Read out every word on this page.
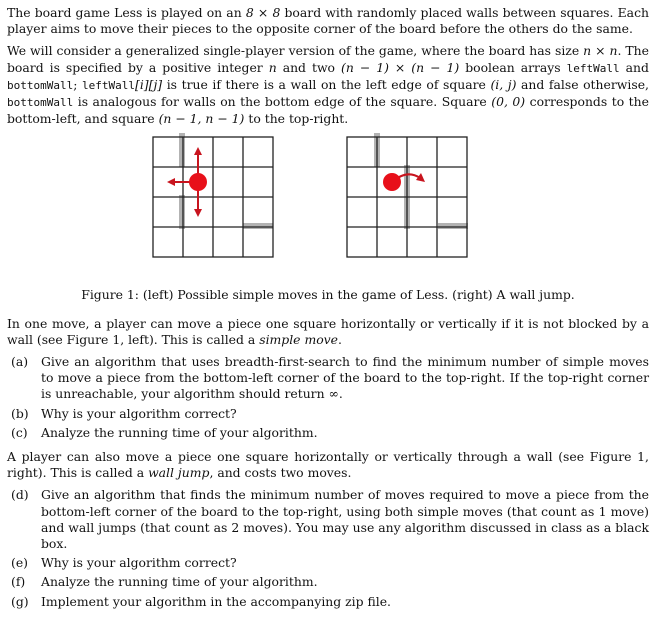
The board game Less is played on an 8 × 8 board with randomly placed walls between squares. Each player aims to move their pieces to the opposite corner of the board before the others do the same.

We will consider a generalized single-player version of the game, where the board has size n × n. The board is specified by a positive integer n and two (n − 1) × (n − 1) boolean arrays leftWall and bottomWall; leftWall[i][j] is true if there is a wall on the left edge of square (i, j) and false otherwise, bottomWall is analogous for walls on the bottom edge of the square. Square (0, 0) corresponds to the bottom-left, and square (n − 1, n − 1) to the top-right.

Figure 1: (left) Possible simple moves in the game of Less. (right) A wall jump.

In one move, a player can move a piece one square horizontally or vertically if it is not blocked by a wall (see Figure 1, left). This is called a simple move.

(a)	Give an algorithm that uses breadth-first-search to find the minimum number of simple moves to move a piece from the bottom-left corner of the board to the top-right. If the top-right corner is unreachable, your algorithm should return ∞.
(b) Why is your algorithm correct?
(c)	Analyze the running time of your algorithm.

A player can also move a piece one square horizontally or vertically through a wall (see Figure 1, right). This is called a wall jump, and costs two moves.

(d) Give an algorithm that finds the minimum number of moves required to move a piece from the bottom-left corner of the board to the top-right, using both simple moves (that count as 1 move) and wall jumps (that count as 2 moves). You may use any algorithm discussed in class as a black box.
(e)	Why is your algorithm correct?
(f)	Analyze the running time of your algorithm.
(g) Implement your algorithm in the accompanying zip file.
